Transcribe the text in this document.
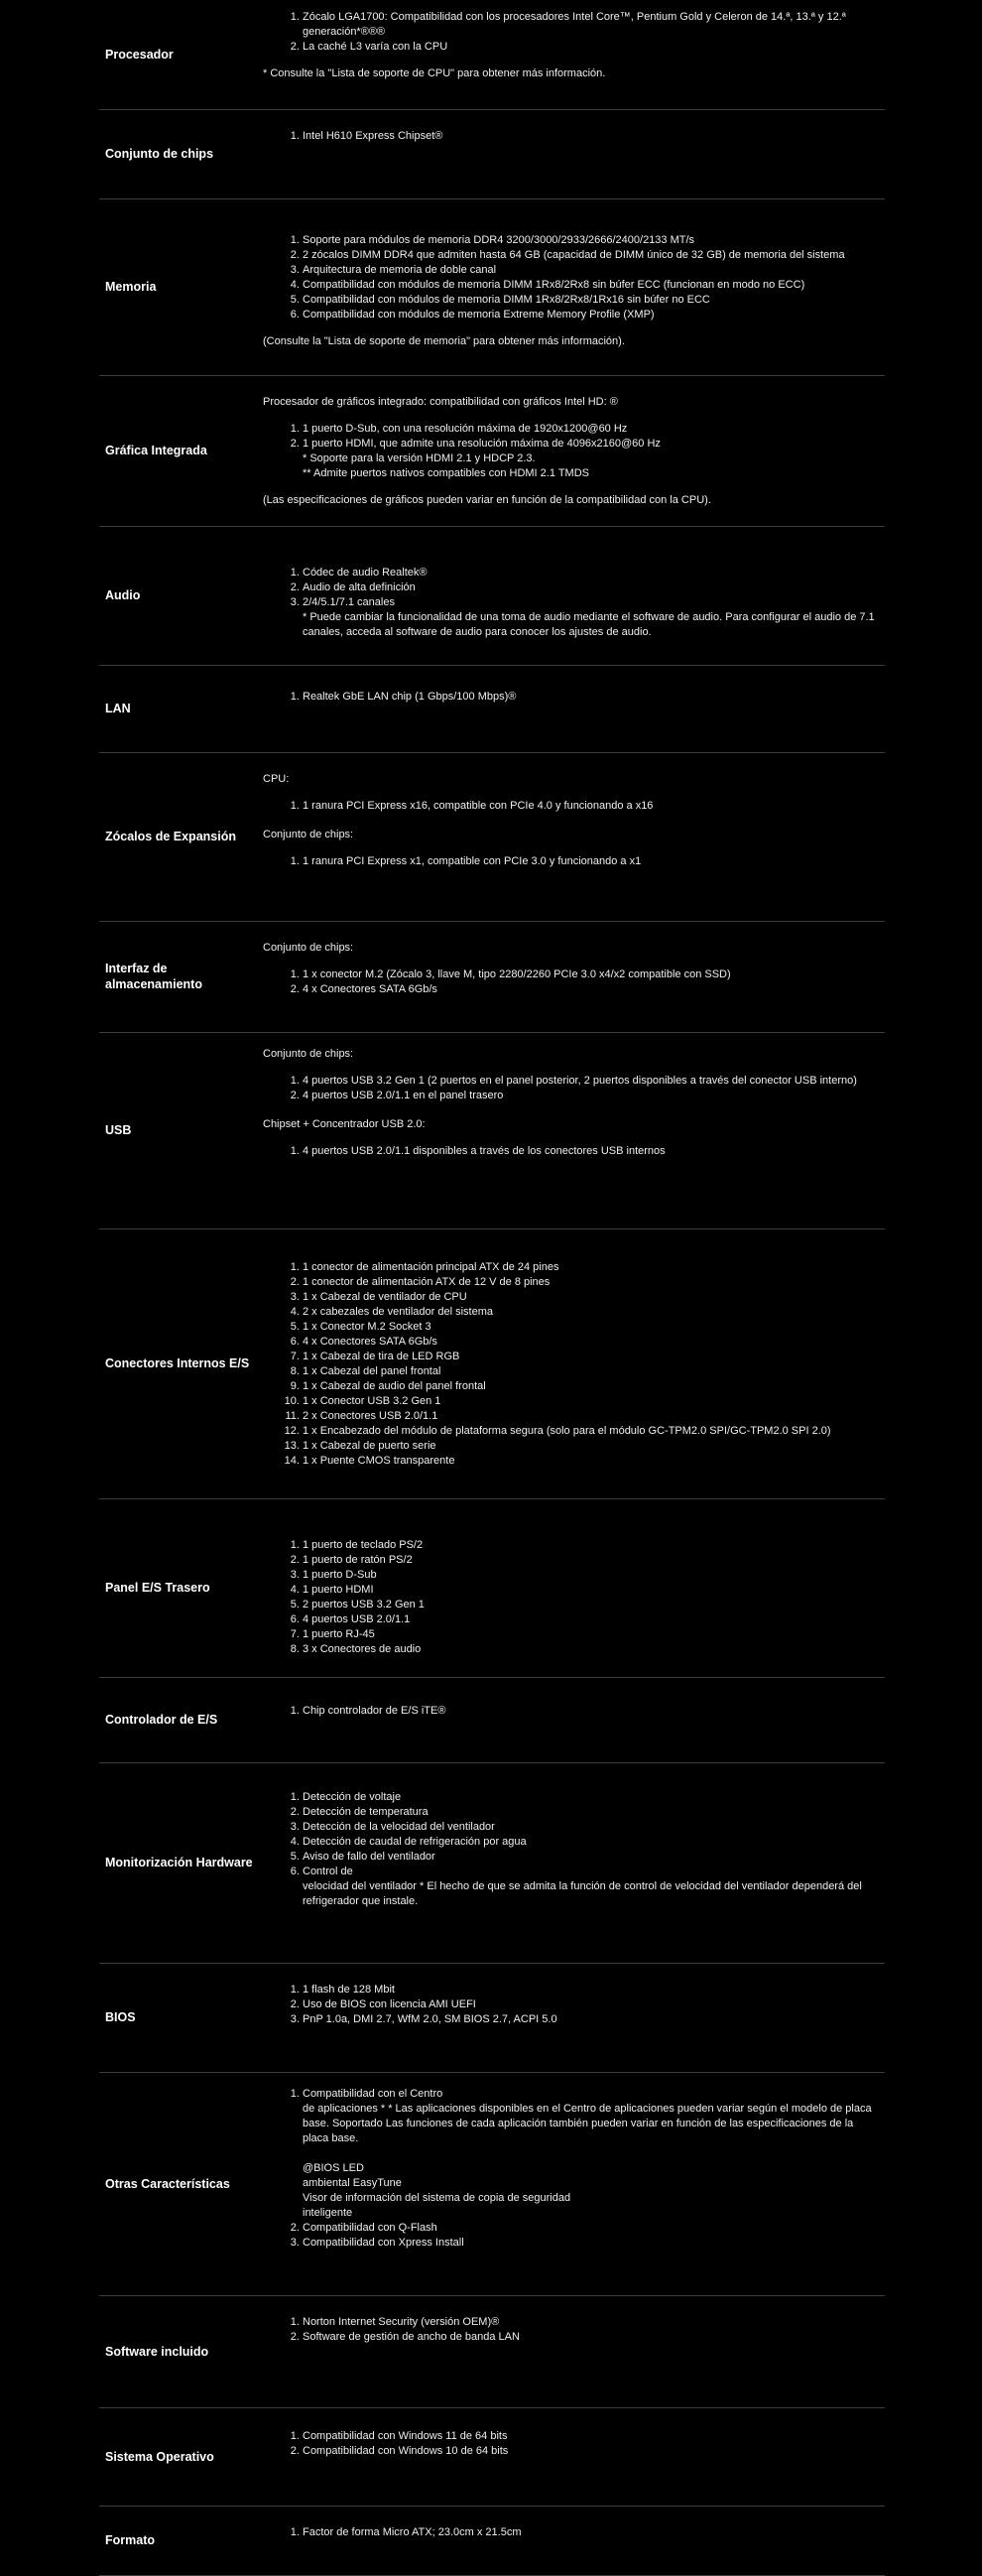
Procesador
1. Zócalo LGA1700: Compatibilidad con los procesadores Intel Core™, Pentium Gold y Celeron de 14.ª, 13.ª y 12.ª generación*®®®
2. La caché L3 varía con la CPU

* Consulte la "Lista de soporte de CPU" para obtener más información.

Conjunto de chips
1. Intel H610 Express Chipset®
Memoria
1. Soporte para módulos de memoria DDR4 3200/3000/2933/2666/2400/2133 MT/s
2. 2 zócalos DIMM DDR4 que admiten hasta 64 GB (capacidad de DIMM único de 32 GB) de memoria del sistema
3. Arquitectura de memoria de doble canal
4. Compatibilidad con módulos de memoria DIMM 1Rx8/2Rx8 sin búfer ECC (funcionan en modo no ECC)
5. Compatibilidad con módulos de memoria DIMM 1Rx8/2Rx8/1Rx16 sin búfer no ECC
6. Compatibilidad con módulos de memoria Extreme Memory Profile (XMP)

(Consulte la "Lista de soporte de memoria" para obtener más información).

Gráfica Integrada

Procesador de gráficos integrado: compatibilidad con gráficos Intel HD: ®

1. 1 puerto D-Sub, con una resolución máxima de 1920x1200@60 Hz
2. 1 puerto HDMI, que admite una resolución máxima de 4096x2160@60 Hz
* Soporte para la versión HDMI 2.1 y HDCP 2.3.
** Admite puertos nativos compatibles con HDMI 2.1 TMDS

(Las especificaciones de gráficos pueden variar en función de la compatibilidad con la CPU).

Audio
1. Códec de audio Realtek®
2. Audio de alta definición
3. 2/4/5.1/7.1 canales
* Puede cambiar la funcionalidad de una toma de audio mediante el software de audio. Para configurar el audio de 7.1 canales, acceda al software de audio para conocer los ajustes de audio.
LAN
1. Realtek GbE LAN chip (1 Gbps/100 Mbps)®
Zócalos de Expansión

CPU:

1. 1 ranura PCI Express x16, compatible con PCIe 4.0 y funcionando a x16

Conjunto de chips:

1. 1 ranura PCI Express x1, compatible con PCIe 3.0 y funcionando a x1
Interfaz de almacenamiento

Conjunto de chips:

1. 1 x conector M.2 (Zócalo 3, llave M, tipo 2280/2260 PCIe 3.0 x4/x2 compatible con SSD)
2. 4 x Conectores SATA 6Gb/s
USB

Conjunto de chips:

1. 4 puertos USB 3.2 Gen 1 (2 puertos en el panel posterior, 2 puertos disponibles a través del conector USB interno)
2. 4 puertos USB 2.0/1.1 en el panel trasero

Chipset + Concentrador USB 2.0:

1. 4 puertos USB 2.0/1.1 disponibles a través de los conectores USB internos
Conectores Internos E/S
1. 1 conector de alimentación principal ATX de 24 pines
2. 1 conector de alimentación ATX de 12 V de 8 pines
3. 1 x Cabezal de ventilador de CPU
4. 2 x cabezales de ventilador del sistema
5. 1 x Conector M.2 Socket 3
6. 4 x Conectores SATA 6Gb/s
7. 1 x Cabezal de tira de LED RGB
8. 1 x Cabezal del panel frontal
9. 1 x Cabezal de audio del panel frontal
10. 1 x Conector USB 3.2 Gen 1
11. 2 x Conectores USB 2.0/1.1
12. 1 x Encabezado del módulo de plataforma segura (solo para el módulo GC-TPM2.0 SPI/GC-TPM2.0 SPI 2.0)
13. 1 x Cabezal de puerto serie
14. 1 x Puente CMOS transparente
Panel E/S Trasero
1. 1 puerto de teclado PS/2
2. 1 puerto de ratón PS/2
3. 1 puerto D-Sub
4. 1 puerto HDMI
5. 2 puertos USB 3.2 Gen 1
6. 4 puertos USB 2.0/1.1
7. 1 puerto RJ-45
8. 3 x Conectores de audio
Controlador de E/S
1. Chip controlador de E/S iTE®
Monitorización Hardware
1. Detección de voltaje
2. Detección de temperatura
3. Detección de la velocidad del ventilador
4. Detección de caudal de refrigeración por agua
5. Aviso de fallo del ventilador
6. Control de
velocidad del ventilador * El hecho de que se admita la función de control de velocidad del ventilador dependerá del refrigerador que instale.
BIOS
1. 1 flash de 128 Mbit
2. Uso de BIOS con licencia AMI UEFI
3. PnP 1.0a, DMI 2.7, WfM 2.0, SM BIOS 2.7, ACPI 5.0
Otras Características
1. Compatibilidad con el Centro
de aplicaciones * * Las aplicaciones disponibles en el Centro de aplicaciones pueden variar según el modelo de placa base. Soportado Las funciones de cada aplicación también pueden variar en función de las especificaciones de la placa base.

@BIOS LED
ambiental EasyTune
Visor de información del sistema de copia de seguridad
inteligente
2. Compatibilidad con Q-Flash
3. Compatibilidad con Xpress Install
Software incluido
1. Norton Internet Security (versión OEM)®
2. Software de gestión de ancho de banda LAN
Sistema Operativo
1. Compatibilidad con Windows 11 de 64 bits
2. Compatibilidad con Windows 10 de 64 bits
Formato
1. Factor de forma Micro ATX; 23.0cm x 21.5cm
